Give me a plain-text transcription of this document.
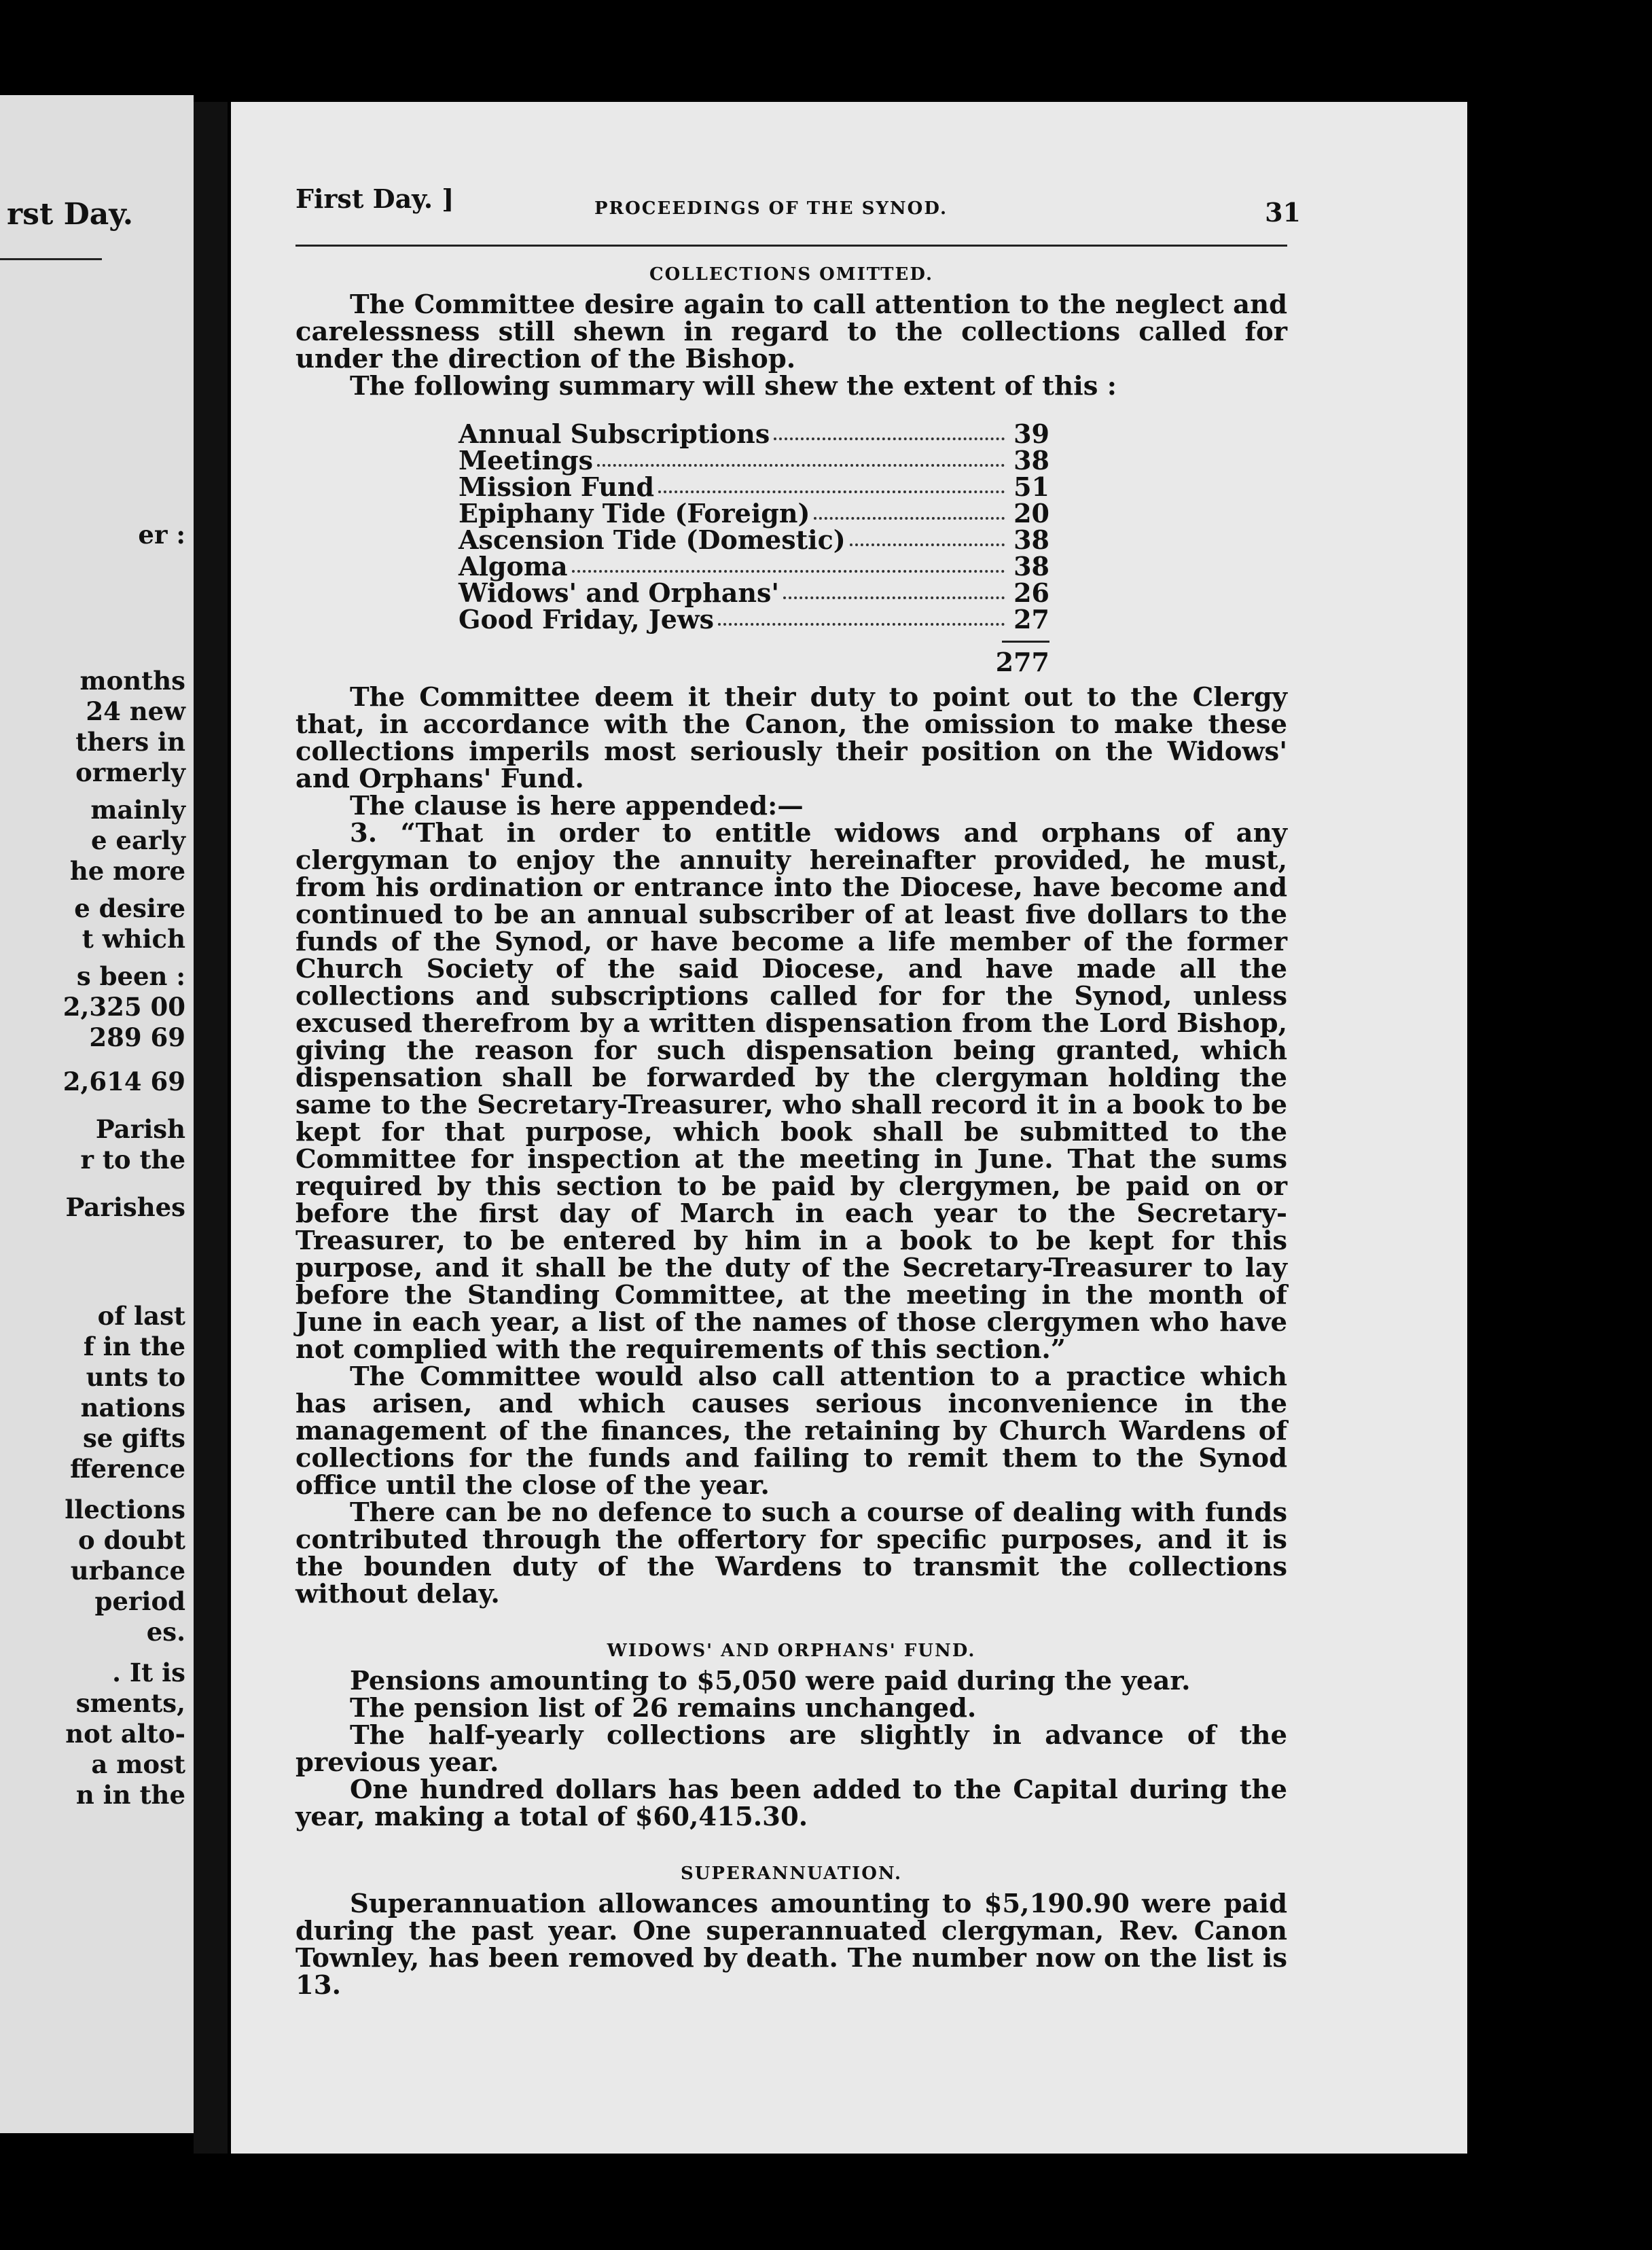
rst Day.
er :
months
24 new
thers in
ormerly
mainly
e early
he more
e desire
t which
s been :
2,325 00
289 69
2,614 69
Parish
r to the
Parishes
of last
f in the
unts to
nations
se gifts
fference
llections
o doubt
urbance
period
es.
. It is
sments,
not alto-
a most
n in the
First Day. ]	PROCEEDINGS OF THE SYNOD.	31
COLLECTIONS OMITTED.

The Committee desire again to call attention to the neglect and carelessness still shewn in regard to the collections called for under the direction of the Bishop.

The following summary will shew the extent of this :

Annual Subscriptions	39
Meetings	38
Mission Fund	51
Epiphany Tide (Foreign)	20
Ascension Tide (Domestic)	38
Algoma	38
Widows' and Orphans'	26
Good Friday, Jews	27
277

The Committee deem it their duty to point out to the Clergy that, in accordance with the Canon, the omission to make these collections imperils most seriously their position on the Widows' and Orphans' Fund.

The clause is here appended:—

3. “That in order to entitle widows and orphans of any clergyman to enjoy the annuity hereinafter provided, he must, from his ordination or entrance into the Diocese, have become and continued to be an annual subscriber of at least five dollars to the funds of the Synod, or have become a life member of the former Church Society of the said Diocese, and have made all the collections and subscriptions called for for the Synod, unless excused therefrom by a written dispensation from the Lord Bishop, giving the reason for such dispensation being granted, which dispensation shall be forwarded by the clergyman holding the same to the Secretary-Treasurer, who shall record it in a book to be kept for that purpose, which book shall be submitted to the Committee for inspection at the meeting in June. That the sums required by this section to be paid by clergymen, be paid on or before the first day of March in each year to the Secretary-Treasurer, to be entered by him in a book to be kept for this purpose, and it shall be the duty of the Secretary-Treasurer to lay before the Standing Committee, at the meeting in the month of June in each year, a list of the names of those clergymen who have not complied with the requirements of this section.”

The Committee would also call attention to a practice which has arisen, and which causes serious inconvenience in the management of the finances, the retaining by Church Wardens of collections for the funds and failing to remit them to the Synod office until the close of the year.

There can be no defence to such a course of dealing with funds contributed through the offertory for specific purposes, and it is the bounden duty of the Wardens to transmit the collections without delay.

WIDOWS' AND ORPHANS' FUND.

Pensions amounting to $5,050 were paid during the year.

The pension list of 26 remains unchanged.

The half-yearly collections are slightly in advance of the previous year.

One hundred dollars has been added to the Capital during the year, making a total of $60,415.30.

SUPERANNUATION.

Superannuation allowances amounting to $5,190.90 were paid during the past year. One superannuated clergyman, Rev. Canon Townley, has been removed by death. The number now on the list is 13.
